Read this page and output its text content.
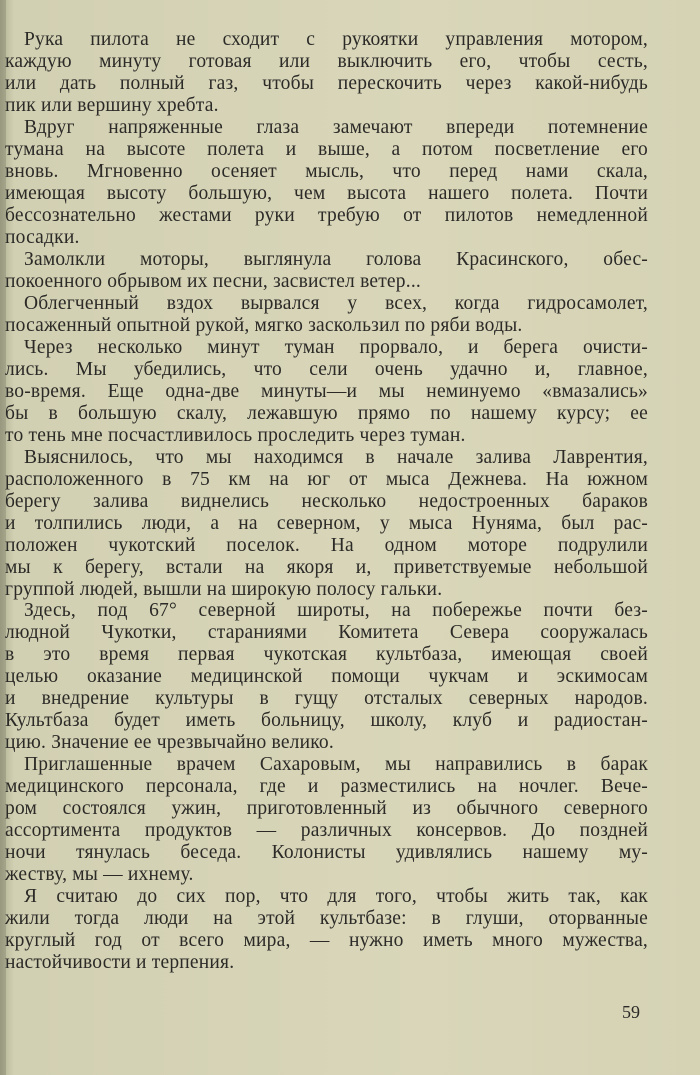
Рука пилота не сходит с рукоятки управления мотором,
каждую минуту готовая или выключить его, чтобы сесть,
или дать полный газ, чтобы перескочить через какой-нибудь
пик или вершину хребта.
Вдруг напряженные глаза замечают впереди потемнение
тумана на высоте полета и выше, а потом посветление его
вновь. Мгновенно осеняет мысль, что перед нами скала,
имеющая высоту большую, чем высота нашего полета. Почти
бессознательно жестами руки требую от пилотов немедленной
посадки.
Замолкли моторы, выглянула голова Красинского, обес-
покоенного обрывом их песни, засвистел ветер...
Облегченный вздох вырвался у всех, когда гидросамолет,
посаженный опытной рукой, мягко заскользил по ряби воды.
Через несколько минут туман прорвало, и берега очисти-
лись. Мы убедились, что сели очень удачно и, главное,
во-время. Еще одна-две минуты—и мы неминуемо «вмазались»
бы в большую скалу, лежавшую прямо по нашему курсу; ее
то тень мне посчастливилось проследить через туман.
Выяснилось, что мы находимся в начале залива Лаврентия,
расположенного в 75 км на юг от мыса Дежнева. На южном
берегу залива виднелись несколько недостроенных бараков
и толпились люди, а на северном, у мыса Нуняма, был рас-
положен чукотский поселок. На одном моторе подрулили
мы к берегу, встали на якоря и, приветствуемые небольшой
группой людей, вышли на широкую полосу гальки.
Здесь, под 67° северной широты, на побережье почти без-
людной Чукотки, стараниями Комитета Севера сооружалась
в это время первая чукотская культбаза, имеющая своей
целью оказание медицинской помощи чукчам и эскимосам
и внедрение культуры в гущу отсталых северных народов.
Культбаза будет иметь больницу, школу, клуб и радиостан-
цию. Значение ее чрезвычайно велико.
Приглашенные врачем Сахаровым, мы направились в барак
медицинского персонала, где и разместились на ночлег. Вече-
ром состоялся ужин, приготовленный из обычного северного
ассортимента продуктов — различных консервов. До поздней
ночи тянулась беседа. Колонисты удивлялись нашему му-
жеству, мы — ихнему.
Я считаю до сих пор, что для того, чтобы жить так, как
жили тогда люди на этой культбазе: в глуши, оторванные
круглый год от всего мира, — нужно иметь много мужества,
настойчивости и терпения.
59
